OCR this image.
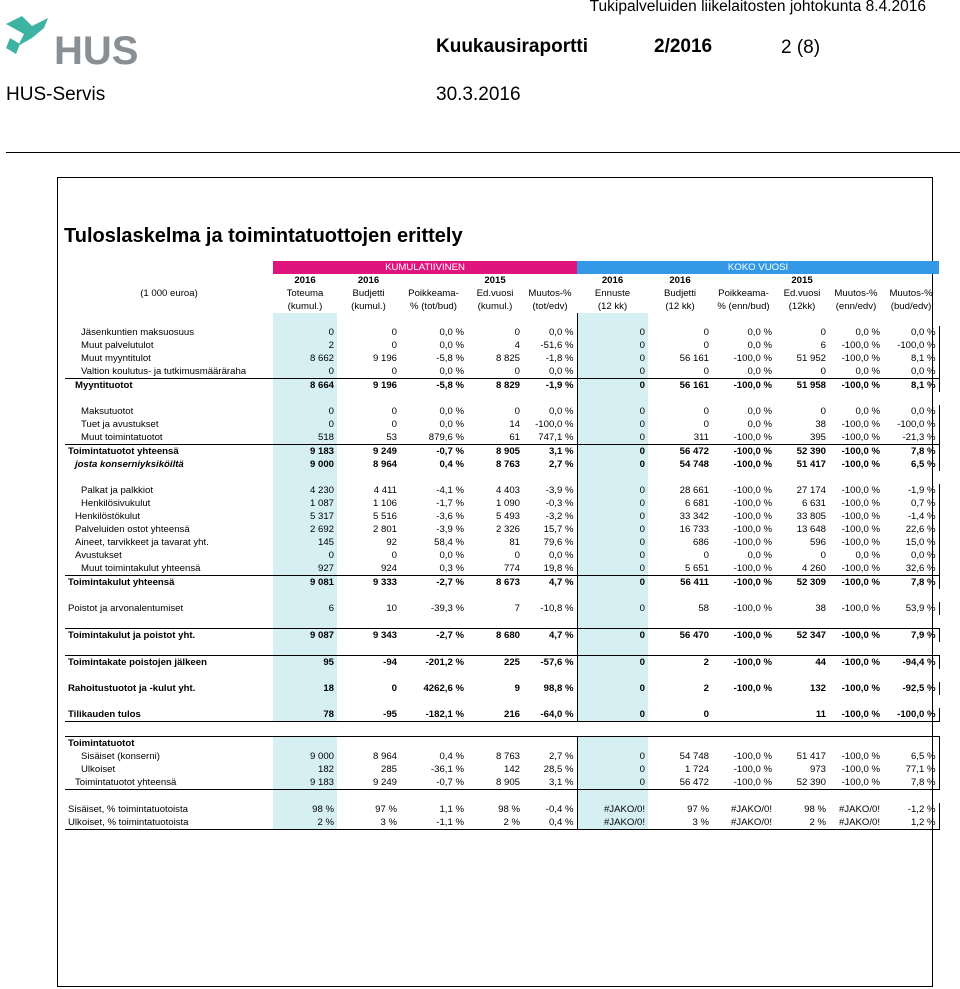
HUS
Tukipalveluiden liikelaitosten johtokunta 8.4.2016
Kuukausiraportti	2/2016	2 (8)
HUS-Servis	30.3.2016
Tuloslaskelma ja toimintatuottojen erittely
	KUMULATIIVINEN					KOKO VUOSI					
	2016	2016		2015		2016	2016		2015		
(1 000 euroa)	Toteuma	Budjetti	Poikkeama-	Ed.vuosi	Muutos-%	Ennuste	Budjetti	Poikkeama-	Ed.vuosi	Muutos-%	Muutos-%
	(kumul.)	(kumul.)	% (tot/bud)	(kumul.)	(tot/edv)	(12 kk)	(12 kk)	% (enn/bud)	(12kk)	(enn/edv)	(bud/edv)

Jäsenkuntien maksuosuus	0	0	0,0 %	0	0,0 %	0	0	0,0 %	0	0,0 %	0,0 %
Muut palvelutulot	2	0	0,0 %	4	-51,6 %	0	0	0,0 %	6	-100,0 %	-100,0 %
Muut myyntitulot	8 662	9 196	-5,8 %	8 825	-1,8 %	0	56 161	-100,0 %	51 952	-100,0 %	8,1 %
Valtion koulutus- ja tutkimusmääräraha	0	0	0,0 %	0	0,0 %	0	0	0,0 %	0	0,0 %	0,0 %
Myyntituotot	8 664	9 196	-5,8 %	8 829	-1,9 %	0	56 161	-100,0 %	51 958	-100,0 %	8,1 %

Maksutuotot	0	0	0,0 %	0	0,0 %	0	0	0,0 %	0	0,0 %	0,0 %
Tuet ja avustukset	0	0	0,0 %	14	-100,0 %	0	0	0,0 %	38	-100,0 %	-100,0 %
Muut toimintatuotot	518	53	879,6 %	61	747,1 %	0	311	-100,0 %	395	-100,0 %	-21,3 %
Toimintatuotot yhteensä	9 183	9 249	-0,7 %	8 905	3,1 %	0	56 472	-100,0 %	52 390	-100,0 %	7,8 %
josta konserniyksiköiltä	9 000	8 964	0,4 %	8 763	2,7 %	0	54 748	-100,0 %	51 417	-100,0 %	6,5 %

Palkat ja palkkiot	4 230	4 411	-4,1 %	4 403	-3,9 %	0	28 661	-100,0 %	27 174	-100,0 %	-1,9 %
Henkilösivukulut	1 087	1 106	-1,7 %	1 090	-0,3 %	0	6 681	-100,0 %	6 631	-100,0 %	0,7 %
Henkilöstökulut	5 317	5 516	-3,6 %	5 493	-3,2 %	0	33 342	-100,0 %	33 805	-100,0 %	-1,4 %
Palveluiden ostot yhteensä	2 692	2 801	-3,9 %	2 326	15,7 %	0	16 733	-100,0 %	13 648	-100,0 %	22,6 %
Aineet, tarvikkeet ja tavarat yht.	145	92	58,4 %	81	79,6 %	0	686	-100,0 %	596	-100,0 %	15,0 %
Avustukset	0	0	0,0 %	0	0,0 %	0	0	0,0 %	0	0,0 %	0,0 %
Muut toimintakulut yhteensä	927	924	0,3 %	774	19,8 %	0	5 651	-100,0 %	4 260	-100,0 %	32,6 %
Toimintakulut yhteensä	9 081	9 333	-2,7 %	8 673	4,7 %	0	56 411	-100,0 %	52 309	-100,0 %	7,8 %

Poistot ja arvonalentumiset	6	10	-39,3 %	7	-10,8 %	0	58	-100,0 %	38	-100,0 %	53,9 %

Toimintakulut ja poistot yht.	9 087	9 343	-2,7 %	8 680	4,7 %	0	56 470	-100,0 %	52 347	-100,0 %	7,9 %

Toimintakate poistojen jälkeen	95	-94	-201,2 %	225	-57,6 %	0	2	-100,0 %	44	-100,0 %	-94,4 %

Rahoitustuotot ja -kulut yht.	18	0	4262,6 %	9	98,8 %	0	2	-100,0 %	132	-100,0 %	-92,5 %

Tilikauden tulos	78	-95	-182,1 %	216	-64,0 %	0	0		11	-100,0 %	-100,0 %
Toimintatuotot											
Sisäiset (konserni)	9 000	8 964	0,4 %	8 763	2,7 %	0	54 748	-100,0 %	51 417	-100,0 %	6,5 %
Ulkoiset	182	285	-36,1 %	142	28,5 %	0	1 724	-100,0 %	973	-100,0 %	77,1 %
Toimintatuotot yhteensä	9 183	9 249	-0,7 %	8 905	3,1 %	0	56 472	-100,0 %	52 390	-100,0 %	7,8 %

Sisäiset, % toimintatuotoista	98 %	97 %	1,1 %	98 %	-0,4 %	#JAKO/0!	97 %	#JAKO/0!	98 %	#JAKO/0!	-1,2 %
Ulkoiset, % toimintatuotoista	2 %	3 %	-1,1 %	2 %	0,4 %	#JAKO/0!	3 %	#JAKO/0!	2 %	#JAKO/0!	1,2 %
